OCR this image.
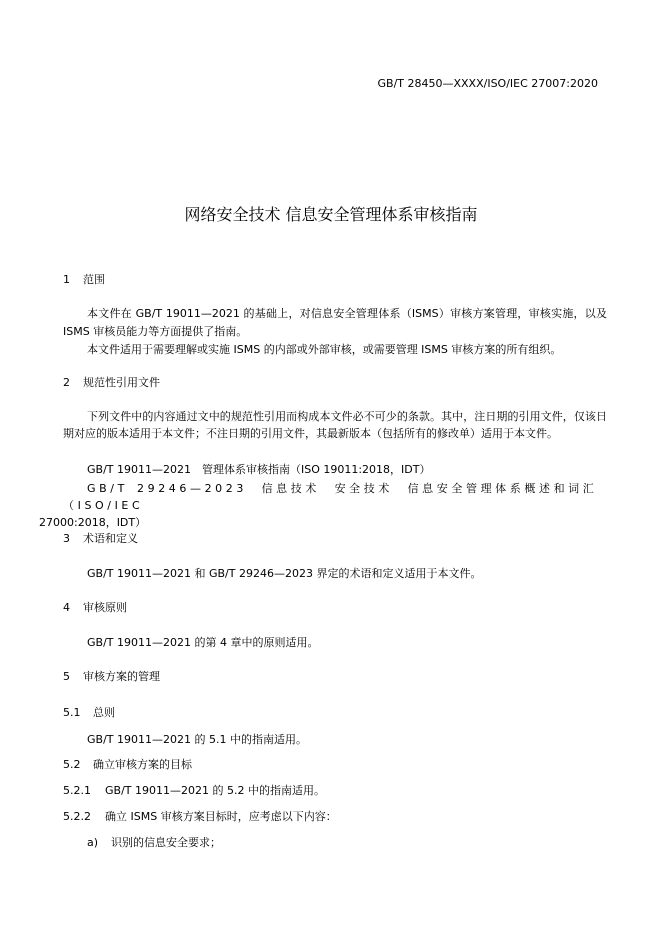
GB/T 28450—XXXX/ISO/IEC 27007:2020
网络安全技术 信息安全管理体系审核指南
1 范围
本文件在 GB/T 19011—2021 的基础上，对信息安全管理体系（ISMS）审核方案管理，审核实施，以及 ISMS 审核员能力等方面提供了指南。
本文件适用于需要理解或实施 ISMS 的内部或外部审核，或需要管理 ISMS 审核方案的所有组织。
2 规范性引用文件
下列文件中的内容通过文中的规范性引用而构成本文件必不可少的条款。其中，注日期的引用文件，仅该日期对应的版本适用于本文件；不注日期的引用文件，其最新版本（包括所有的修改单）适用于本文件。
GB/T 19011—2021　管理体系审核指南（ISO 19011:2018，IDT）
GB/T 29246—2023　信息技术　安全技术　信息安全管理体系概述和词汇（ISO/IEC
27000:2018，IDT）
3 术语和定义
GB/T 19011—2021 和 GB/T 29246—2023 界定的术语和定义适用于本文件。
4 审核原则
GB/T 19011—2021 的第 4 章中的原则适用。
5 审核方案的管理
5.1 总则
GB/T 19011—2021 的 5.1 中的指南适用。
5.2 确立审核方案的目标
5.2.1 GB/T 19011—2021 的 5.2 中的指南适用。
5.2.2 确立 ISMS 审核方案目标时，应考虑以下内容：
a) 识别的信息安全要求；
